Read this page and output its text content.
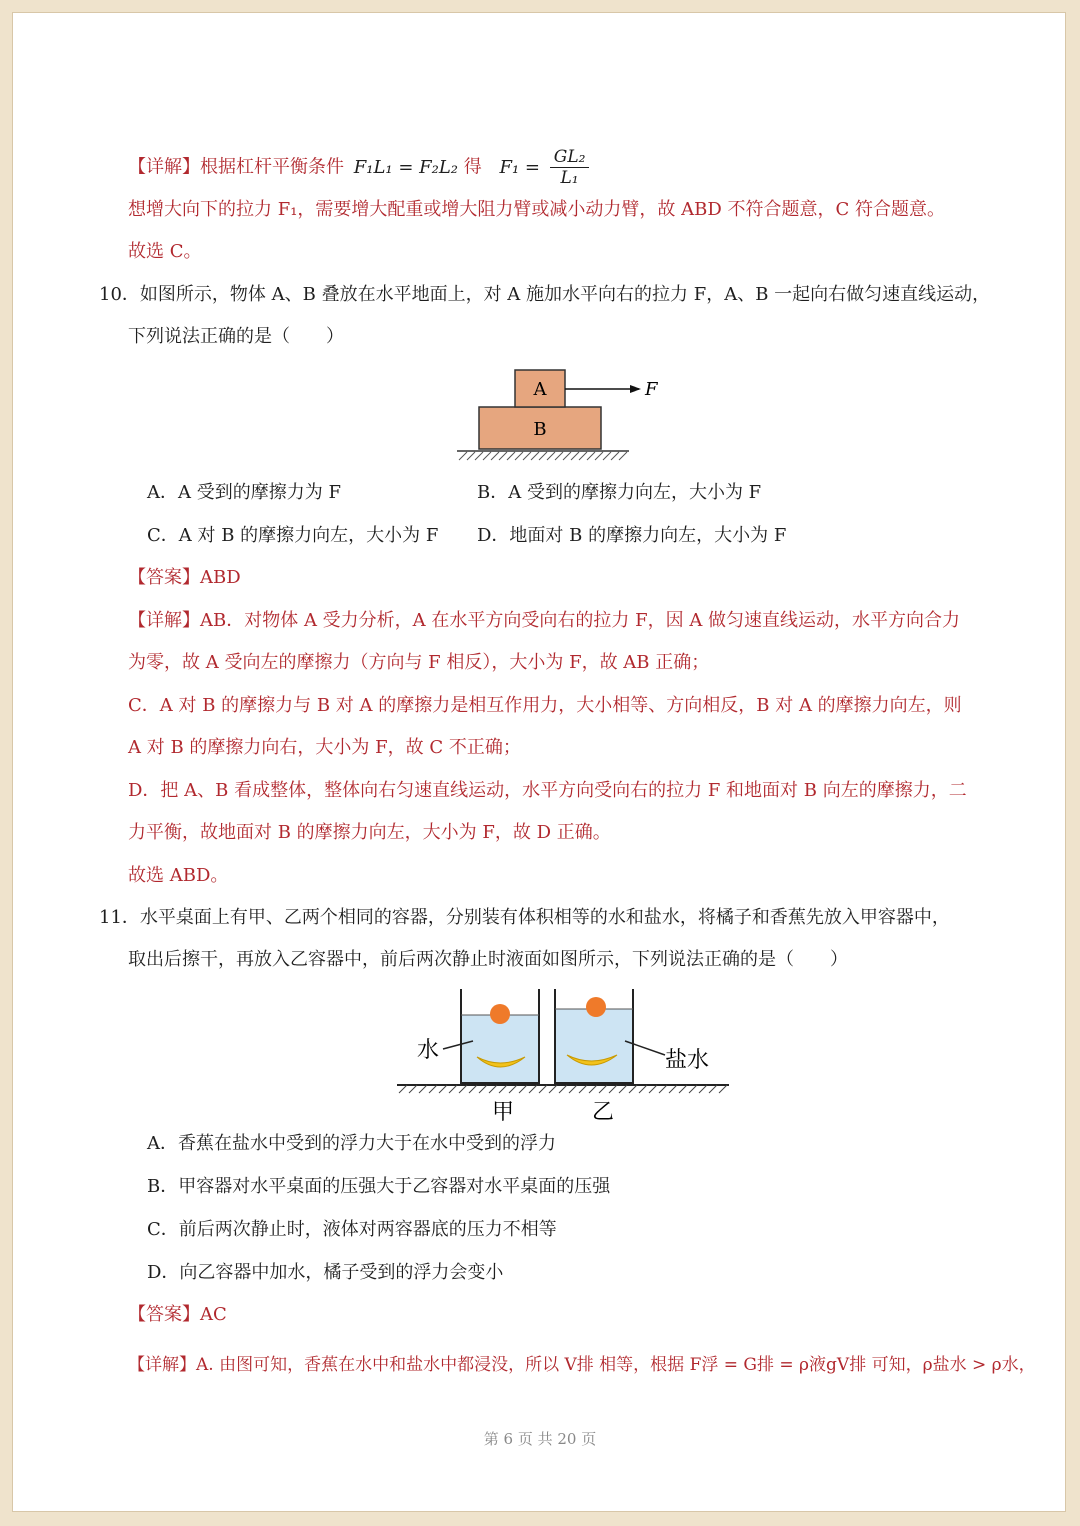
【详解】根据杠杆平衡条件 F₁L₁ = F₂L₂ 得 $F_1 = \frac{\text{GL₂}}{\text{L₁}}$
想增大向下的拉力 F₁，需要增大配重或增大阻力臂或减小动力臂，故 ABD 不符合题意，C 符合题意。
故选 C。
10．如图所示，物体 A、B 叠放在水平地面上，对 A 施加水平向右的拉力 F，A、B 一起向右做匀速直线运动，
下列说法正确的是（　　）
A
B
F
A．A 受到的摩擦力为 F	B．A 受到的摩擦力向左，大小为 F
C．A 对 B 的摩擦力向左，大小为 F D．地面对 B 的摩擦力向左，大小为 F
【答案】ABD
【详解】AB．对物体 A 受力分析，A 在水平方向受向右的拉力 F，因 A 做匀速直线运动，水平方向合力
为零，故 A 受向左的摩擦力（方向与 F 相反），大小为 F，故 AB 正确；
C．A 对 B 的摩擦力与 B 对 A 的摩擦力是相互作用力，大小相等、方向相反，B 对 A 的摩擦力向左，则
A 对 B 的摩擦力向右，大小为 F，故 C 不正确；
D．把 A、B 看成整体，整体向右匀速直线运动，水平方向受向右的拉力 F 和地面对 B 向左的摩擦力，二
力平衡，故地面对 B 的摩擦力向左，大小为 F，故 D 正确。
故选 ABD。
11．水平桌面上有甲、乙两个相同的容器，分别装有体积相等的水和盐水，将橘子和香蕉先放入甲容器中，
取出后擦干，再放入乙容器中，前后两次静止时液面如图所示，下列说法正确的是（　　）
水	盐水
甲	乙
A．香蕉在盐水中受到的浮力大于在水中受到的浮力
B．甲容器对水平桌面的压强大于乙容器对水平桌面的压强
C．前后两次静止时，液体对两容器底的压力不相等
D．向乙容器中加水，橘子受到的浮力会变小
【答案】AC
【详解】A. 由图可知，香蕉在水中和盐水中都浸没，所以 V排 相等，根据 F浮 = G排 = ρ液gV排 可知，ρ盐水 > ρ水，
第 6 页 共 20 页
